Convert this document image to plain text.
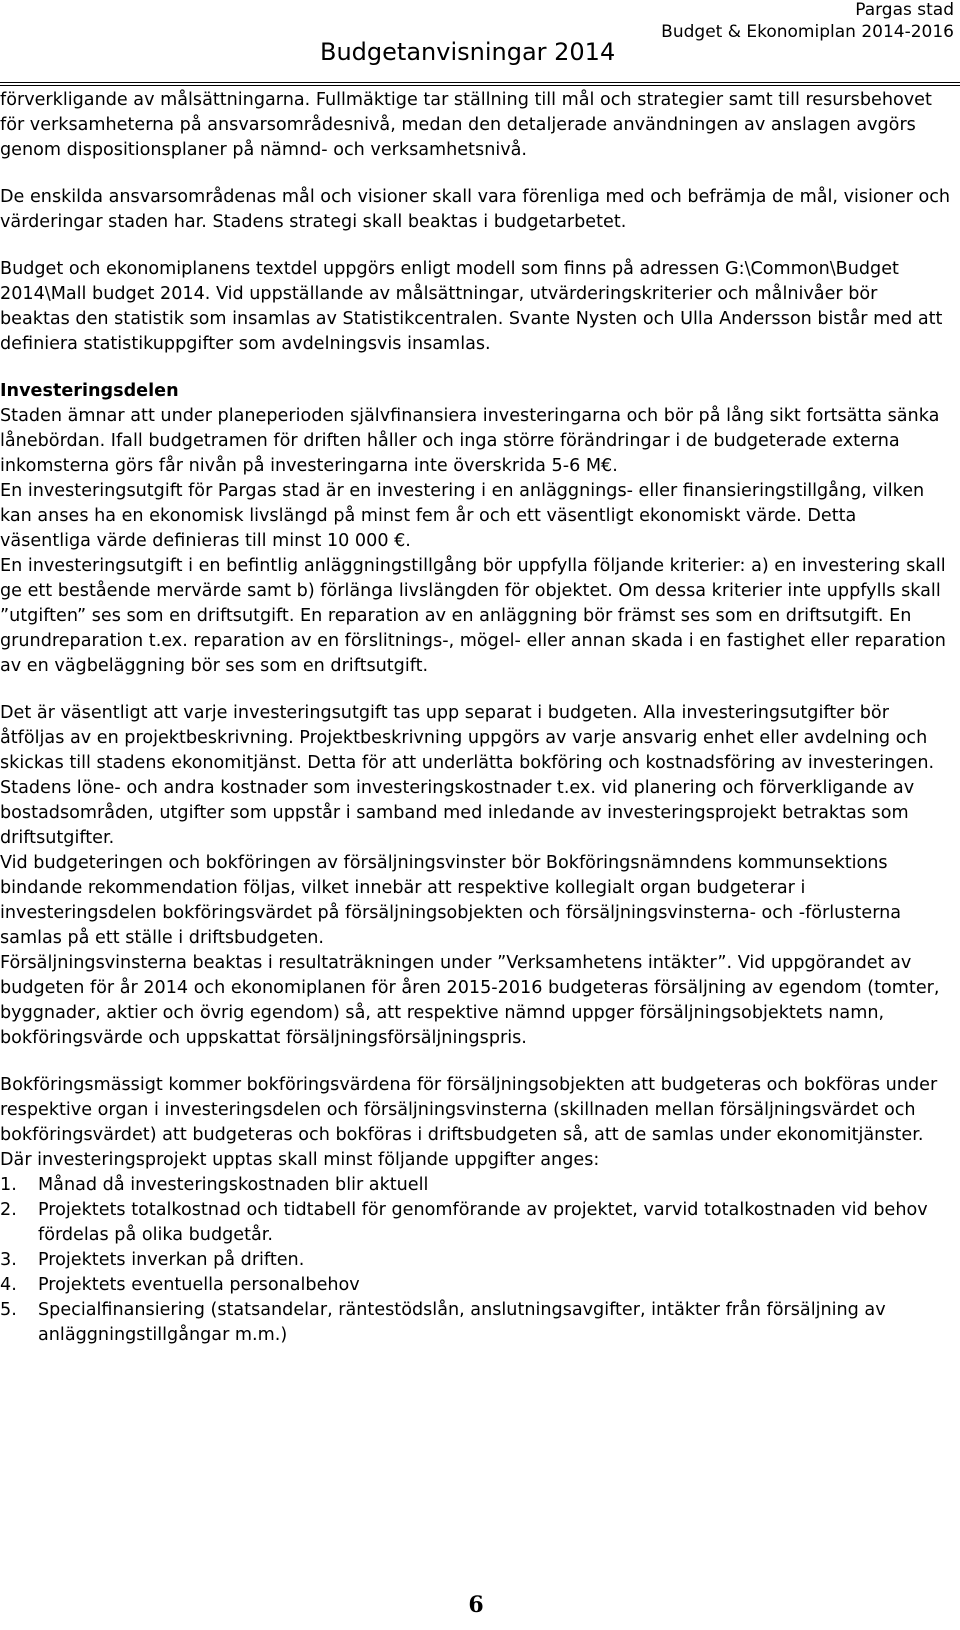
Pargas stad
Budget & Ekonomiplan 2014-2016
Budgetanvisningar 2014

förverkligande av målsättningarna. Fullmäktige tar ställning till mål och strategier samt till resursbehovet för verksamheterna på ansvarsområdesnivå, medan den detaljerade användningen av anslagen avgörs genom dispositionsplaner på nämnd- och verksamhetsnivå.

De enskilda ansvarsområdenas mål och visioner skall vara förenliga med och befrämja de mål, visioner och värderingar staden har. Stadens strategi skall beaktas i budgetarbetet.

Budget och ekonomiplanens textdel uppgörs enligt modell som finns på adressen G:\Common\Budget 2014\Mall budget 2014. Vid uppställande av målsättningar, utvärderingskriterier och målnivåer bör beaktas den statistik som insamlas av Statistikcentralen. Svante Nysten och Ulla Andersson bistår med att definiera statistikuppgifter som avdelningsvis insamlas.

Investeringsdelen

Staden ämnar att under planeperioden självfinansiera investeringarna och bör på lång sikt fortsätta sänka lånebördan. Ifall budgetramen för driften håller och inga större förändringar i de budgeterade externa inkomsterna görs får nivån på investeringarna inte överskrida 5-6 M€.

En investeringsutgift för Pargas stad är en investering i en anläggnings- eller finansieringstillgång, vilken kan anses ha en ekonomisk livslängd på minst fem år och ett väsentligt ekonomiskt värde. Detta väsentliga värde definieras till minst 10 000 €.

En investeringsutgift i en befintlig anläggningstillgång bör uppfylla följande kriterier: a) en investering skall ge ett bestående mervärde samt b) förlänga livslängden för objektet. Om dessa kriterier inte uppfylls skall ”utgiften” ses som en driftsutgift. En reparation av en anläggning bör främst ses som en driftsutgift. En grundreparation t.ex. reparation av en förslitnings-, mögel- eller annan skada i en fastighet eller reparation av en vägbeläggning bör ses som en driftsutgift.

Det är väsentligt att varje investeringsutgift tas upp separat i budgeten. Alla investeringsutgifter bör åtföljas av en projektbeskrivning. Projektbeskrivning uppgörs av varje ansvarig enhet eller avdelning och skickas till stadens ekonomitjänst. Detta för att underlätta bokföring och kostnadsföring av investeringen. Stadens löne- och andra kostnader som investeringskostnader t.ex. vid planering och förverkligande av bostadsområden, utgifter som uppstår i samband med inledande av investeringsprojekt betraktas som driftsutgifter.

Vid budgeteringen och bokföringen av försäljningsvinster bör Bokföringsnämndens kommunsektions bindande rekommendation följas, vilket innebär att respektive kollegialt organ budgeterar i investeringsdelen bokföringsvärdet på försäljningsobjekten och försäljningsvinsterna- och -förlusterna samlas på ett ställe i driftsbudgeten.

Försäljningsvinsterna beaktas i resultaträkningen under ”Verksamhetens intäkter”. Vid uppgörandet av budgeten för år 2014 och ekonomiplanen för åren 2015-2016 budgeteras försäljning av egendom (tomter, byggnader, aktier och övrig egendom) så, att respektive nämnd uppger försäljningsobjektets namn, bokföringsvärde och uppskattat försäljningsförsäljningspris.

Bokföringsmässigt kommer bokföringsvärdena för försäljningsobjekten att budgeteras och bokföras under respektive organ i investeringsdelen och försäljningsvinsterna (skillnaden mellan försäljningsvärdet och bokföringsvärdet) att budgeteras och bokföras i driftsbudgeten så, att de samlas under ekonomitjänster.

Där investeringsprojekt upptas skall minst följande uppgifter anges:

1.	Månad då investeringskostnaden blir aktuell
2.	Projektets totalkostnad och tidtabell för genomförande av projektet, varvid totalkostnaden vid behov fördelas på olika budgetår.
3.	Projektets inverkan på driften.
4.	Projektets eventuella personalbehov
5.	Specialfinansiering (statsandelar, räntestödslån, anslutningsavgifter, intäkter från försäljning av anläggningstillgångar m.m.)
6
